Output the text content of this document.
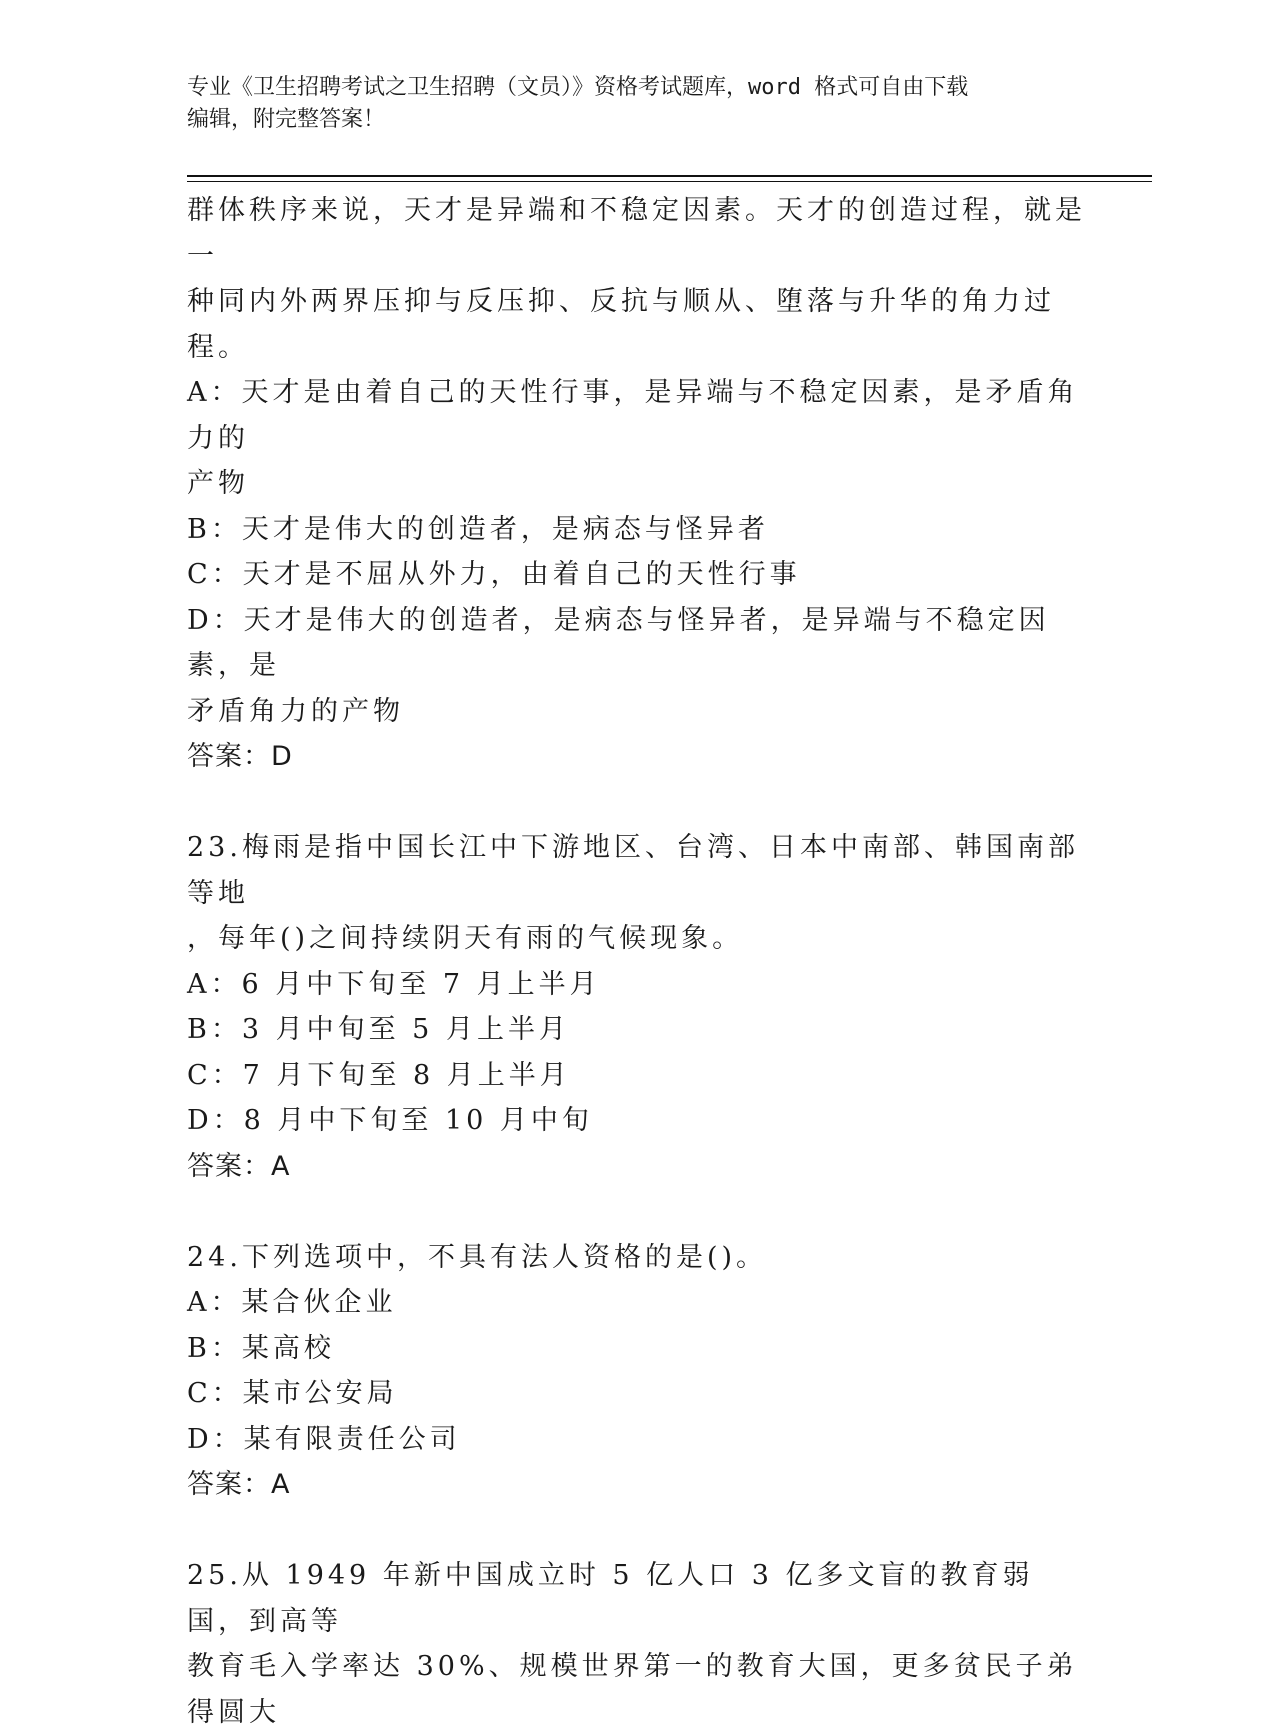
专业《卫生招聘考试之卫生招聘（文员）》资格考试题库，word 格式可自由下载
编辑，附完整答案！

群体秩序来说，天才是异端和不稳定因素。天才的创造过程，就是一

种同内外两界压抑与反压抑、反抗与顺从、堕落与升华的角力过程。

A：天才是由着自己的天性行事，是异端与不稳定因素，是矛盾角力的

产物

B：天才是伟大的创造者，是病态与怪异者

C：天才是不屈从外力，由着自己的天性行事

D：天才是伟大的创造者，是病态与怪异者，是异端与不稳定因素，是

矛盾角力的产物

答案：D

23.梅雨是指中国长江中下游地区、台湾、日本中南部、韩国南部等地

，每年()之间持续阴天有雨的气候现象。

A：6 月中下旬至 7 月上半月

B：3 月中旬至 5 月上半月

C：7 月下旬至 8 月上半月

D：8 月中下旬至 10 月中旬

答案：A

24.下列选项中，不具有法人资格的是()。

A：某合伙企业

B：某高校

C：某市公安局

D：某有限责任公司

答案：A

25.从 1949 年新中国成立时 5 亿人口 3 亿多文盲的教育弱国，到高等

教育毛入学率达 30%、规模世界第一的教育大国，更多贫民子弟得圆大
